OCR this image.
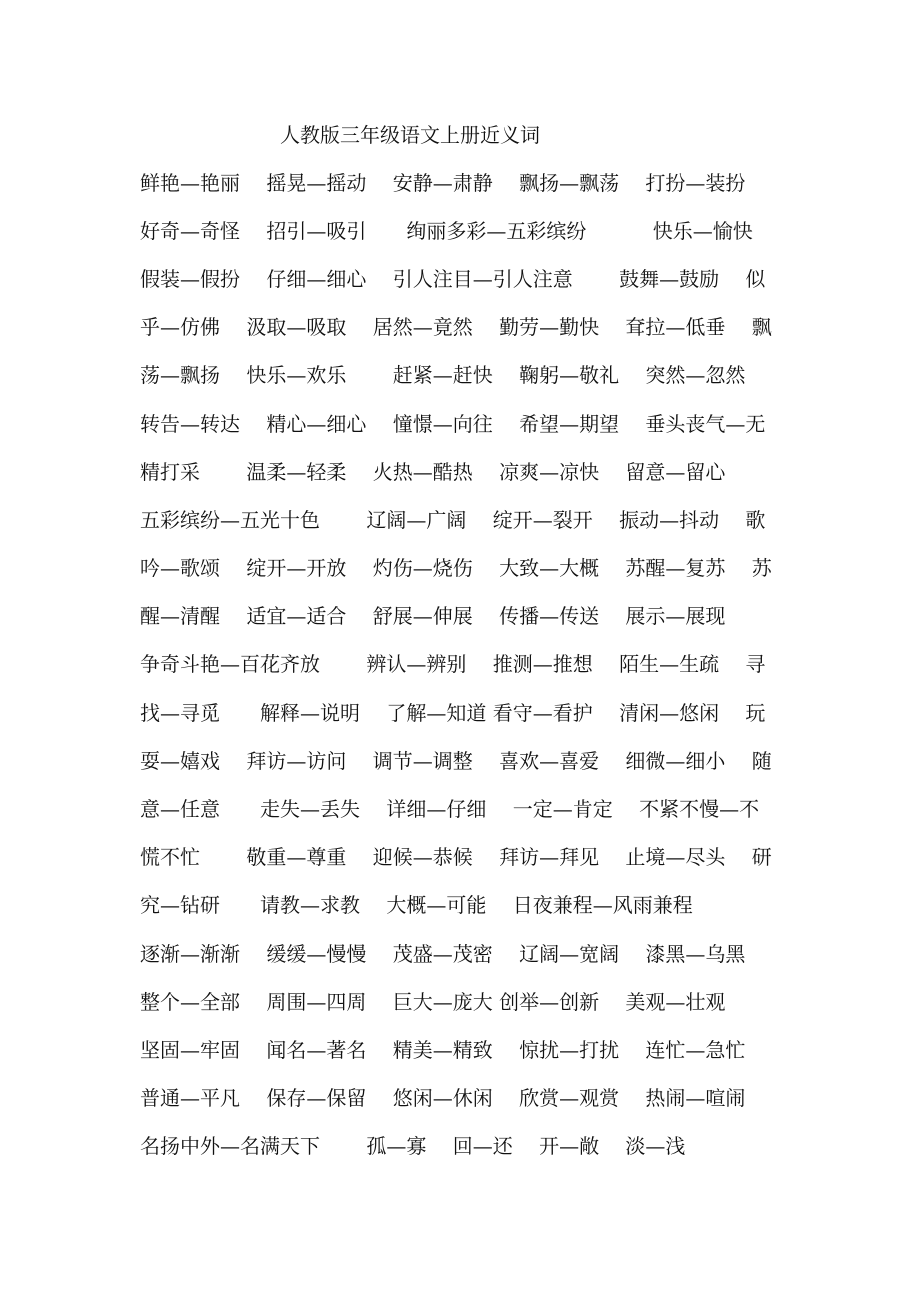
人教版三年级语文上册近义词

鲜艳—艳丽　 摇晃—摇动　 安静—肃静　 飘扬—飘荡　 打扮—装扮

好奇—奇怪　 招引—吸引　　绚丽多彩—五彩缤纷　　　 快乐—愉快

假装—假扮　 仔细—细心　 引人注目—引人注意　　 鼓舞—鼓励　 似

乎—仿佛　 汲取—吸取　 居然—竟然　 勤劳—勤快　 耷拉—低垂　 飘

荡—飘扬　 快乐—欢乐　　 赶紧—赶快　 鞠躬—敬礼　 突然—忽然

转告—转达　 精心—细心　 憧憬—向往　 希望—期望　 垂头丧气—无

精打采　　 温柔—轻柔　 火热—酷热　 凉爽—凉快　 留意—留心

五彩缤纷—五光十色　　 辽阔—广阔　 绽开—裂开　 振动—抖动　 歌

吟—歌颂　 绽开—开放　 灼伤—烧伤　 大致—大概　 苏醒—复苏　 苏

醒—清醒　 适宜—适合　 舒展—伸展　 传播—传送　 展示—展现

争奇斗艳—百花齐放　　 辨认—辨别　 推测—推想　 陌生—生疏　 寻

找—寻觅　　解释—说明　 了解—知道 看守—看护　 清闲—悠闲　 玩

耍—嬉戏　 拜访—访问　 调节—调整　 喜欢—喜爱　 细微—细小　 随

意—任意　　走失—丢失　 详细—仔细　 一定—肯定　 不紧不慢—不

慌不忙　　 敬重—尊重　 迎候—恭候　 拜访—拜见　 止境—尽头　 研

究—钻研　　请教—求教　 大概—可能　 日夜兼程—风雨兼程

逐渐—渐渐　 缓缓—慢慢　 茂盛—茂密　 辽阔—宽阔　 漆黑—乌黑

整个—全部　 周围—四周　 巨大—庞大 创举—创新　 美观—壮观

坚固—牢固　 闻名—著名　 精美—精致　 惊扰—打扰　 连忙—急忙

普通—平凡　 保存—保留　 悠闲—休闲　 欣赏—观赏　 热闹—喧闹

名扬中外—名满天下　　 孤—寡　 回—还　 开—敞　 淡—浅
